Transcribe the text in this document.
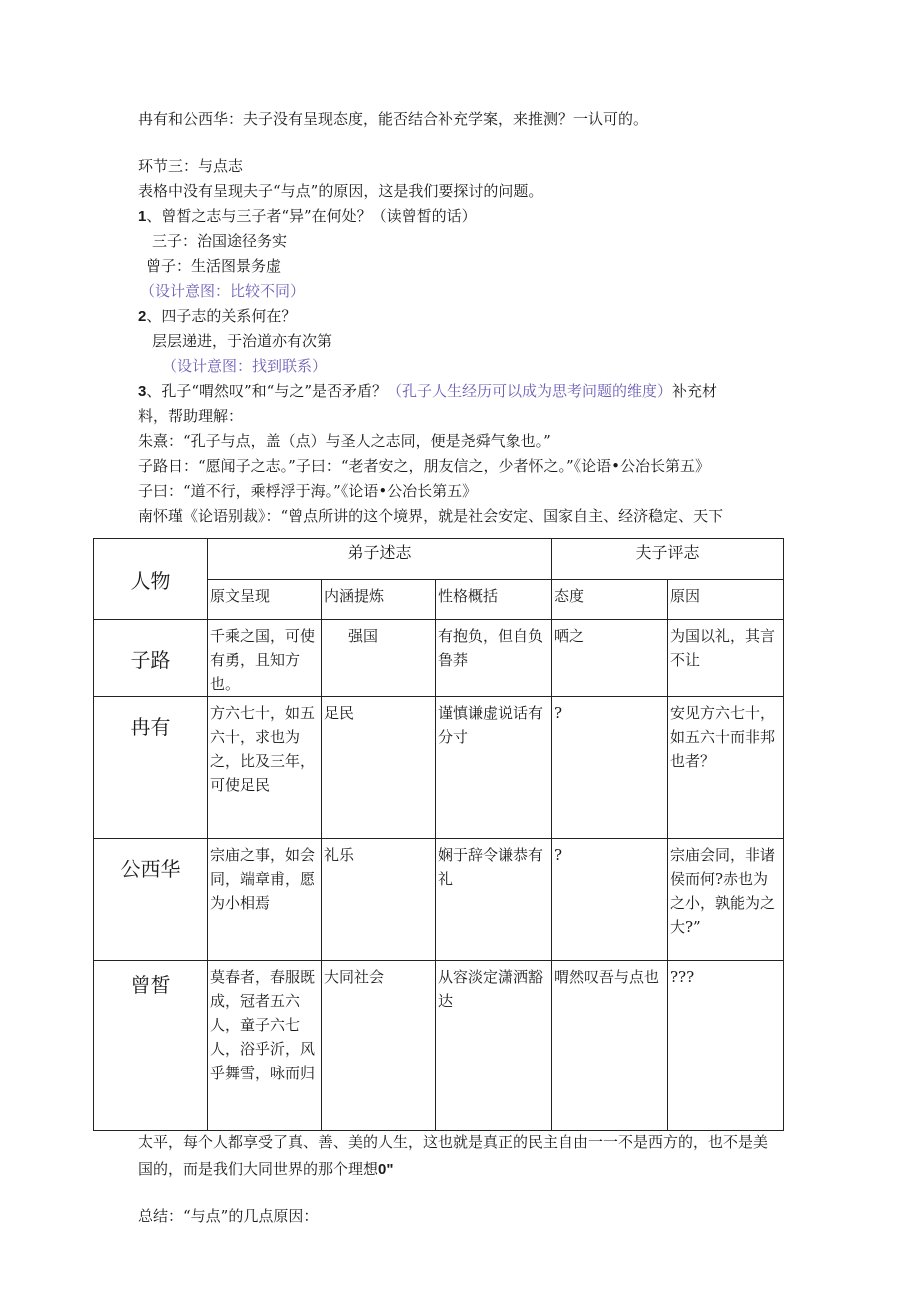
冉有和公西华：夫子没有呈现态度，能否结合补充学案，来推测？一认可的。
环节三：与点志
表格中没有呈现夫子“与点”的原因，这是我们要探讨的问题。
1、曾皙之志与三子者“异”在何处？（读曾皙的话）
三子：治国途径务实
曾子：生活图景务虚
（设计意图：比较不同）
2、四子志的关系何在？
层层递进，于治道亦有次第
（设计意图：找到联系）
3、孔子“喟然叹”和“与之”是否矛盾？（孔子人生经历可以成为思考问题的维度）补充材
料，帮助理解：
朱熹：“孔子与点，盖（点）与圣人之志同，便是尧舜气象也。”
子路日：“愿闻子之志。”子曰：“老者安之，朋友信之，少者怀之。”《论语•公冶长第五》
子曰：“道不行，乘桴浮于海。”《论语•公冶长第五》
南怀瑾《论语别裁》：“曾点所讲的这个境界，就是社会安定、国家自主、经济稳定、天下
人物	弟子述志			夫子评志	
	原文呈现	内涵提炼	性格概括	态度	原因
子路	千乘之国，可使有勇，且知方也。	强国	有抱负，但自负鲁莽	哂之	为国以礼，其言不让
冉有	方六七十，如五六十，求也为之，比及三年，可使足民	足民	谨慎谦虚说话有分寸	?	安见方六七十，如五六十而非邦也者？
公西华	宗庙之事，如会同，端章甫，愿为小相焉	礼乐	娴于辞令谦恭有礼	?	宗庙会同，非诸侯而何?赤也为之小，孰能为之大?”
曾皙	莫春者，春服既成，冠者五六人，童子六七人，浴乎沂，风乎舞雪，咏而归	大同社会	从容淡定潇洒豁达	喟然叹吾与点也	???
太平，每个人都享受了真、善、美的人生，这也就是真正的民主自由一一不是西方的，也不是美
国的，而是我们大同世界的那个理想0"
总结：“与点”的几点原因：
